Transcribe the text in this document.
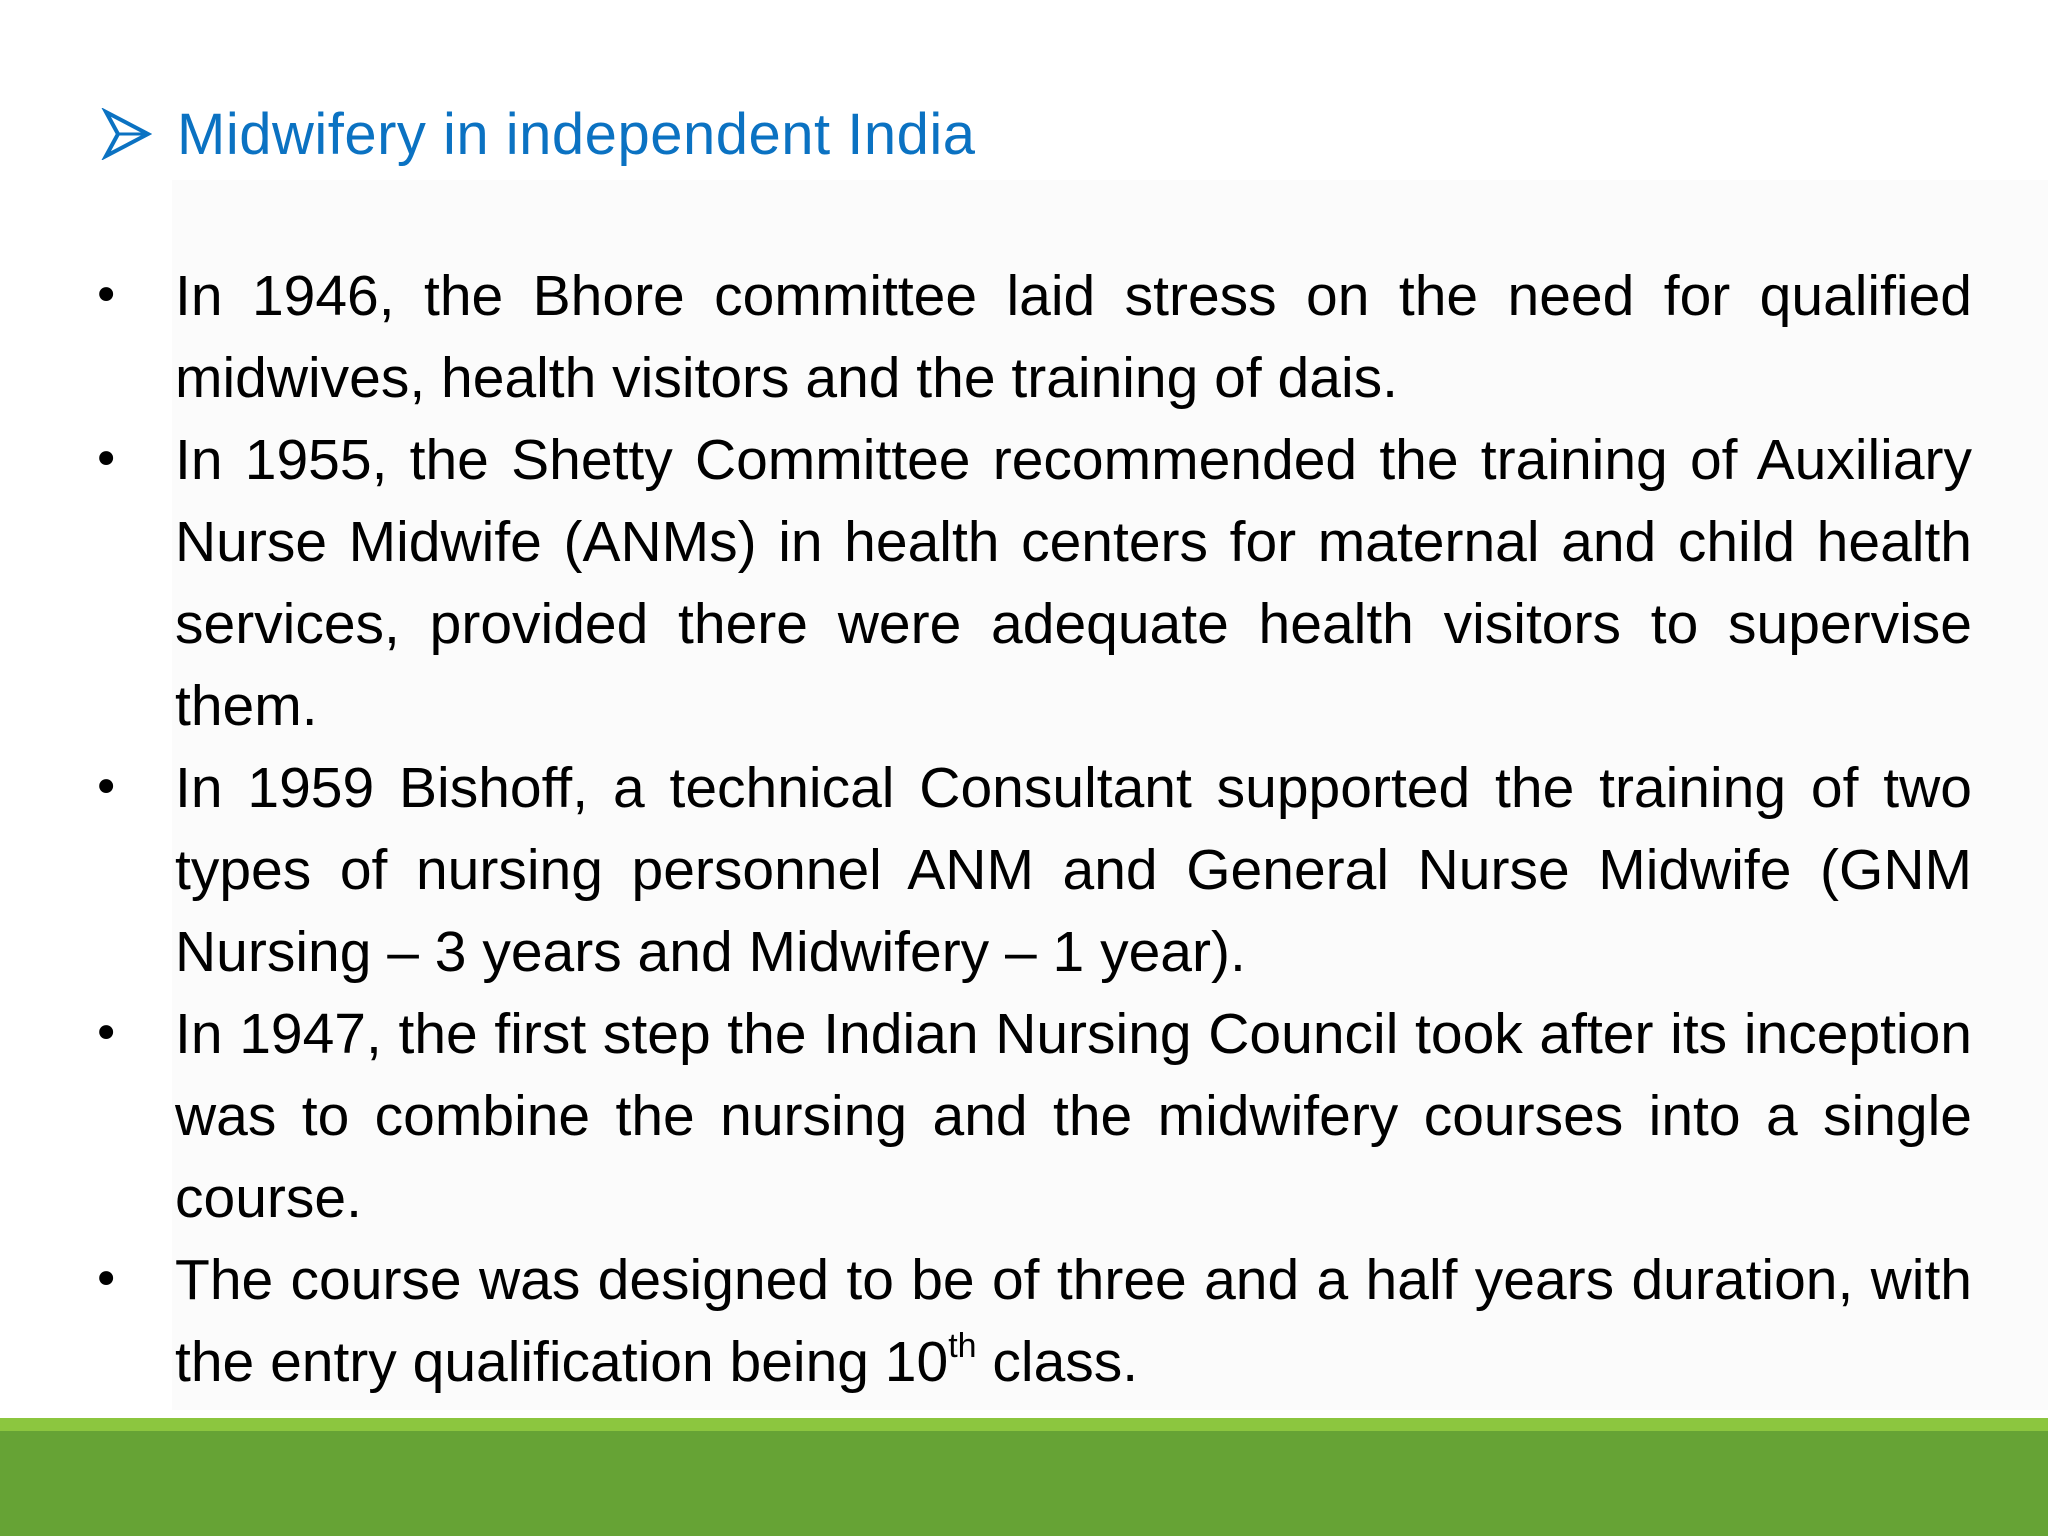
Midwifery in independent India
• In 1946, the Bhore committee laid stress on the need for qualified midwives, health visitors and the training of dais.
• In 1955, the Shetty Committee recommended the training of Auxiliary Nurse Midwife (ANMs) in health centers for maternal and child health services, provided there were adequate health visitors to supervise them.
• In 1959 Bishoff, a technical Consultant supported the training of two types of nursing personnel ANM and General Nurse Midwife (GNM Nursing – 3 years and Midwifery – 1 year).
• In 1947, the first step the Indian Nursing Council took after its inception was to combine the nursing and the midwifery courses into a single course.
• The course was designed to be of three and a half years duration, with the entry qualification being 10th class.
